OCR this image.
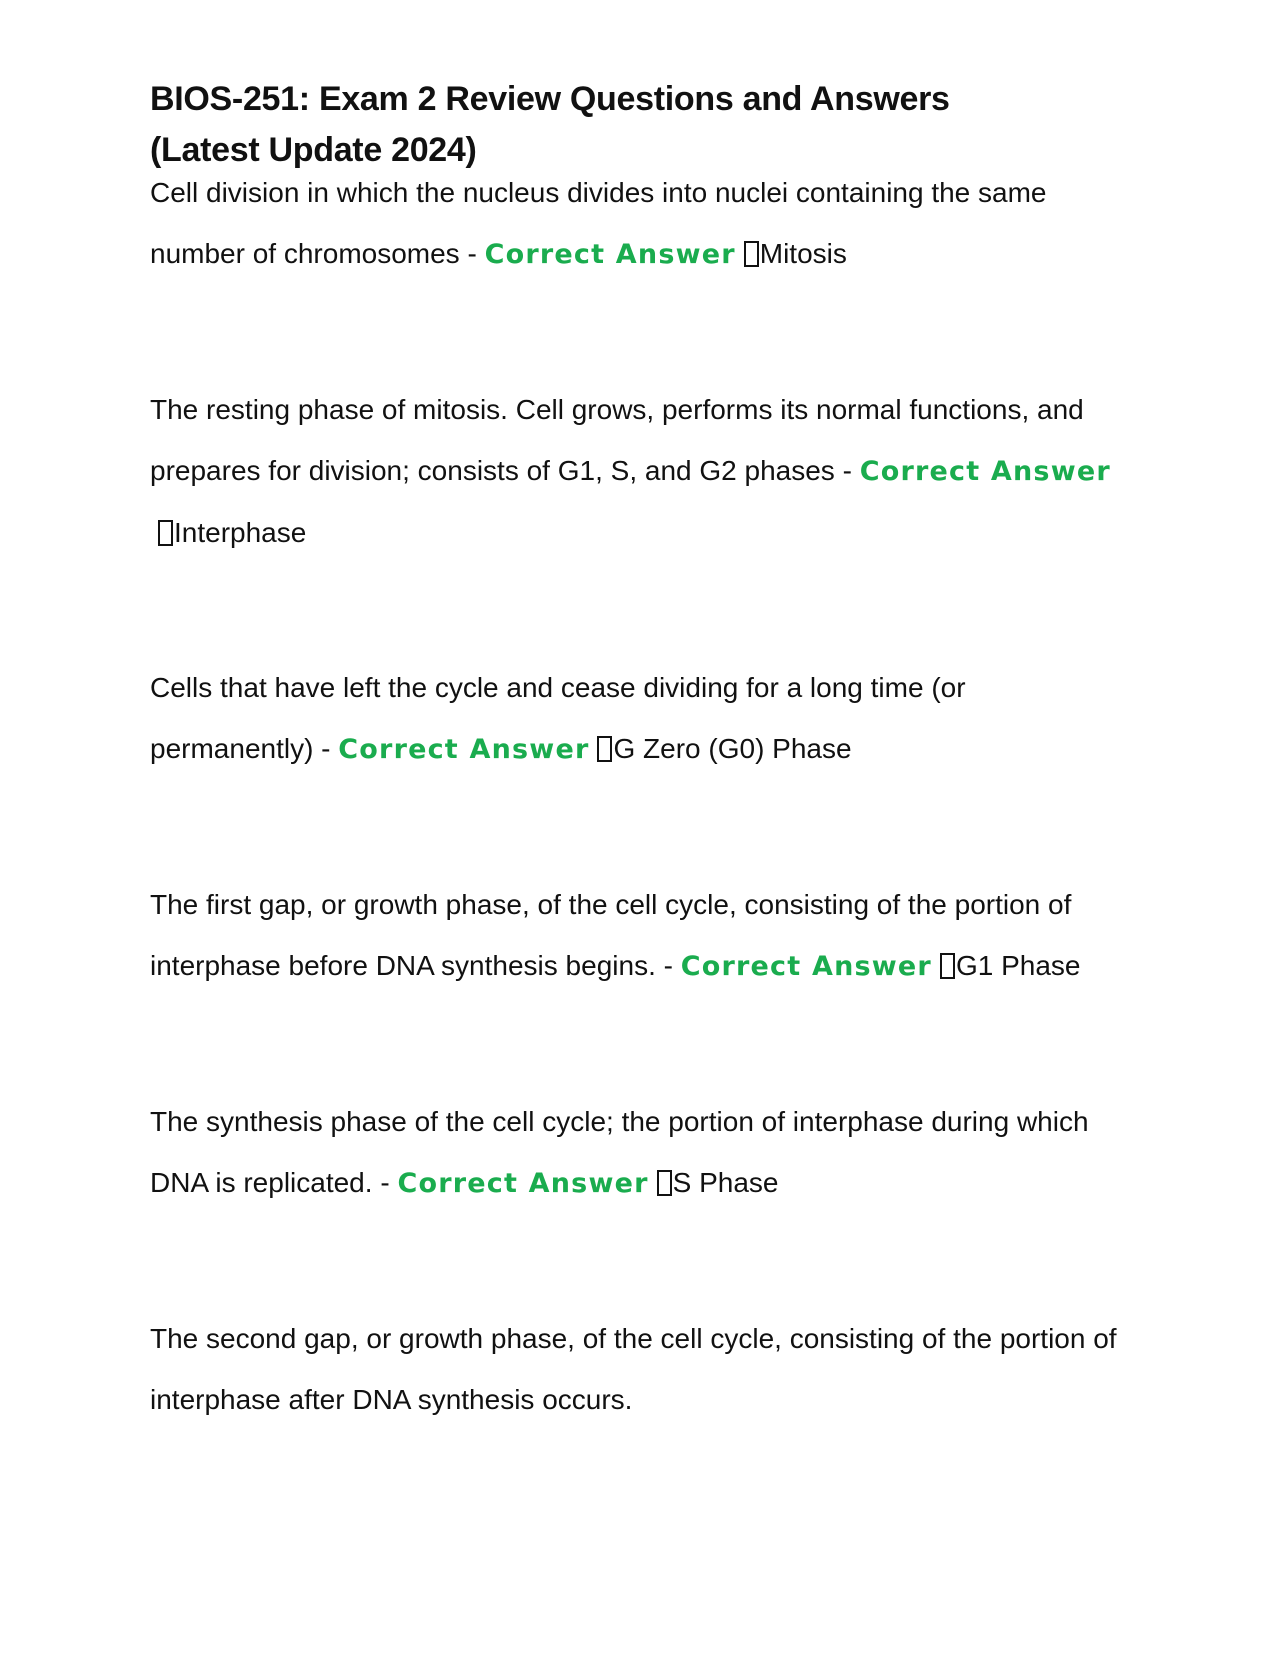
BIOS-251: Exam 2 Review Questions and Answers
(Latest Update 2024)

Cell division in which the nucleus divides into nuclei containing the same number of chromosomes - Correct Answer Mitosis

The resting phase of mitosis. Cell grows, performs its normal functions, and prepares for division; consists of G1, S, and G2 phases - Correct AnswerInterphase

Cells that have left the cycle and cease dividing for a long time (or permanently) - Correct Answer G Zero (G0) Phase

The first gap, or growth phase, of the cell cycle, consisting of the portion of interphase before DNA synthesis begins. - Correct Answer G1 Phase

The synthesis phase of the cell cycle; the portion of interphase during which DNA is replicated. - Correct Answer S Phase

The second gap, or growth phase, of the cell cycle, consisting of the portion of interphase after DNA synthesis occurs.
